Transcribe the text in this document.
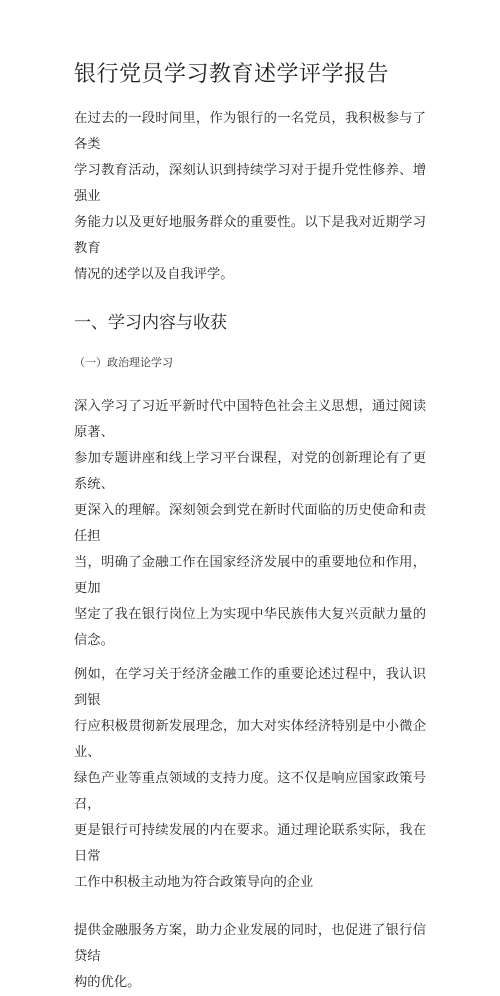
银行党员学习教育述学评学报告
在过去的一段时间里，作为银行的一名党员，我积极参与了各类
学习教育活动，深刻认识到持续学习对于提升党性修养、增强业
务能力以及更好地服务群众的重要性。以下是我对近期学习教育
情况的述学以及自我评学。
一、学习内容与收获
（一）政治理论学习
深入学习了习近平新时代中国特色社会主义思想，通过阅读原著、
参加专题讲座和线上学习平台课程，对党的创新理论有了更系统、
更深入的理解。深刻领会到党在新时代面临的历史使命和责任担
当，明确了金融工作在国家经济发展中的重要地位和作用，更加
坚定了我在银行岗位上为实现中华民族伟大复兴贡献力量的信念。
例如，在学习关于经济金融工作的重要论述过程中，我认识到银
行应积极贯彻新发展理念，加大对实体经济特别是中小微企业、
绿色产业等重点领域的支持力度。这不仅是响应国家政策号召，
更是银行可持续发展的内在要求。通过理论联系实际，我在日常
工作中积极主动地为符合政策导向的企业
提供金融服务方案，助力企业发展的同时，也促进了银行信贷结
构的优化。
